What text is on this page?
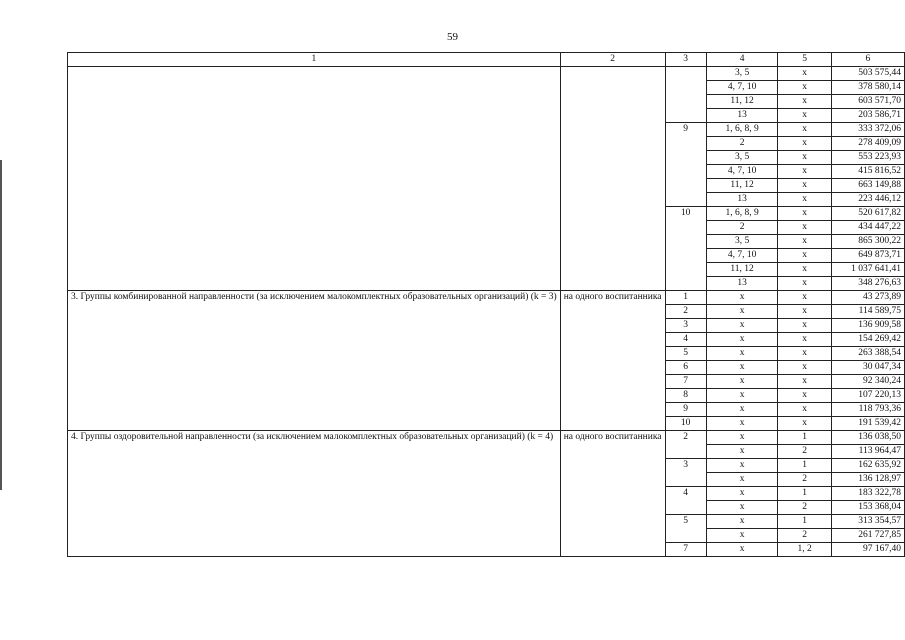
59
1	2	3	4	5	6
			3, 5	x	503 575,44
			4, 7, 10	x	378 580,14
			11, 12	x	603 571,70
			13	x	203 586,71
		9	1, 6, 8, 9	x	333 372,06
			2	x	278 409,09
			3, 5	x	553 223,93
			4, 7, 10	x	415 816,52
			11, 12	x	663 149,88
			13	x	223 446,12
		10	1, 6, 8, 9	x	520 617,82
			2	x	434 447,22
			3, 5	x	865 300,22
			4, 7, 10	x	649 873,71
			11, 12	x	1 037 641,41
			13	x	348 276,63
3. Группы комбинированной направленности (за исключением малокомплектных образовательных организаций) (k = 3)	на одного воспитанника	1	x	x	43 273,89
		2	x	x	114 589,75
		3	x	x	136 909,58
		4	x	x	154 269,42
		5	x	x	263 388,54
		6	x	x	30 047,34
		7	x	x	92 340,24
		8	x	x	107 220,13
		9	x	x	118 793,36
		10	x	x	191 539,42
4. Группы оздоровительной направленности (за исключением малокомплектных образовательных организаций) (k = 4)	на одного воспитанника	2	x	1	136 038,50
			x	2	113 964,47
		3	x	1	162 635,92
			x	2	136 128,97
		4	x	1	183 322,78
			x	2	153 368,04
		5	x	1	313 354,57
			x	2	261 727,85
		7	x	1, 2	97 167,40
